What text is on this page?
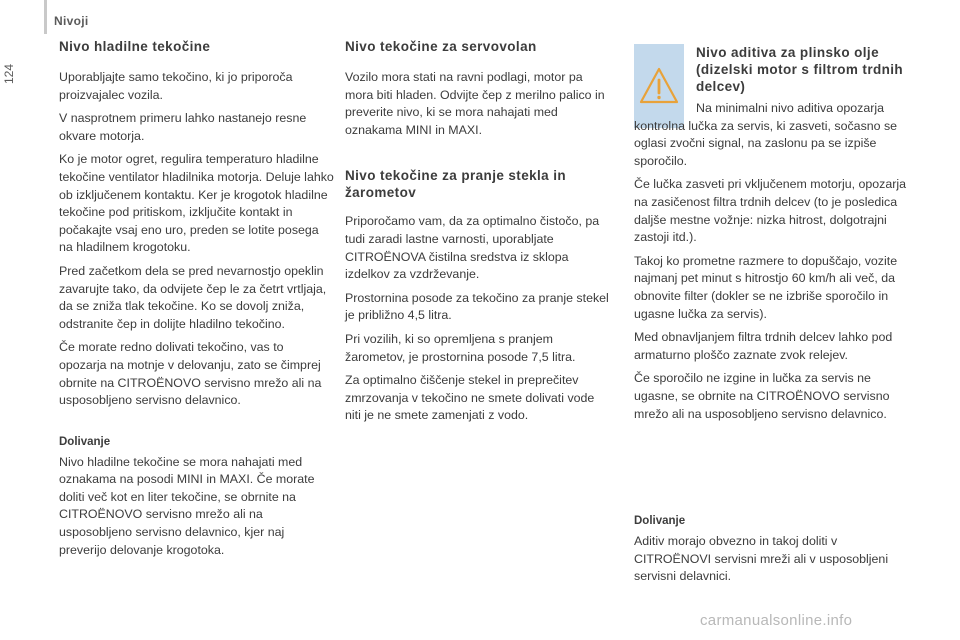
Nivoji
124
Nivo hladilne tekočine

Uporabljajte samo tekočino, ki jo priporoča proizvajalec vozila.

V nasprotnem primeru lahko nastanejo resne okvare motorja.

Ko je motor ogret, regulira temperaturo hladilne tekočine ventilator hladilnika motorja. Deluje lahko ob izključenem kontaktu. Ker je krogotok hladilne tekočine pod pritiskom, izključite kontakt in počakajte vsaj eno uro, preden se lotite posega na hladilnem krogotoku.

Pred začetkom dela se pred nevarnostjo opeklin zavarujte tako, da odvijete čep le za četrt vrtljaja, da se zniža tlak tekočine. Ko se dovolj zniža, odstranite čep in dolijte hladilno tekočino.

Če morate redno dolivati tekočino, vas to opozarja na motnje v delovanju, zato se čimprej obrnite na CITROËNOVO servisno mrežo ali na usposobljeno servisno delavnico.

Dolivanje

Nivo hladilne tekočine se mora nahajati med oznakama na posodi MINI in MAXI. Če morate doliti več kot en liter tekočine, se obrnite na CITROËNOVO servisno mrežo ali na usposobljeno servisno delavnico, kjer naj preverijo delovanje krogotoka.

Nivo tekočine za servovolan

Vozilo mora stati na ravni podlagi, motor pa mora biti hladen. Odvijte čep z merilno palico in preverite nivo, ki se mora nahajati med oznakama MINI in MAXI.

Nivo tekočine za pranje stekla in žarometov

Priporočamo vam, da za optimalno čistočo, pa tudi zaradi lastne varnosti, uporabljate CITROËNOVA čistilna sredstva iz sklopa izdelkov za vzdrževanje.

Prostornina posode za tekočino za pranje stekel je približno 4,5 litra.

Pri vozilih, ki so opremljena s pranjem žarometov, je prostornina posode 7,5 litra.

Za optimalno čiščenje stekel in preprečitev zmrzovanja v tekočino ne smete dolivati vode niti je ne smete zamenjati z vodo.

Nivo aditiva za plinsko olje (dizelski motor s filtrom trdnih delcev)

Na minimalni nivo aditiva opozarja kontrolna lučka za servis, ki zasveti, sočasno se oglasi zvočni signal, na zaslonu pa se izpiše sporočilo.

Če lučka zasveti pri vključenem motorju, opozarja na zasičenost filtra trdnih delcev (to je posledica daljše mestne vožnje: nizka hitrost, dolgotrajni zastoji itd.).

Takoj ko prometne razmere to dopuščajo, vozite najmanj pet minut s hitrostjo 60 km/h ali več, da obnovite filter (dokler se ne izbriše sporočilo in ugasne lučka za servis).

Med obnavljanjem filtra trdnih delcev lahko pod armaturno ploščo zaznate zvok relejev.

Če sporočilo ne izgine in lučka za servis ne ugasne, se obrnite na CITROËNOVO servisno mrežo ali na usposobljeno servisno delavnico.

Dolivanje

Aditiv morajo obvezno in takoj doliti v CITROËNOVI servisni mreži ali v usposobljeni servisni delavnici.

carmanualsonline.info
